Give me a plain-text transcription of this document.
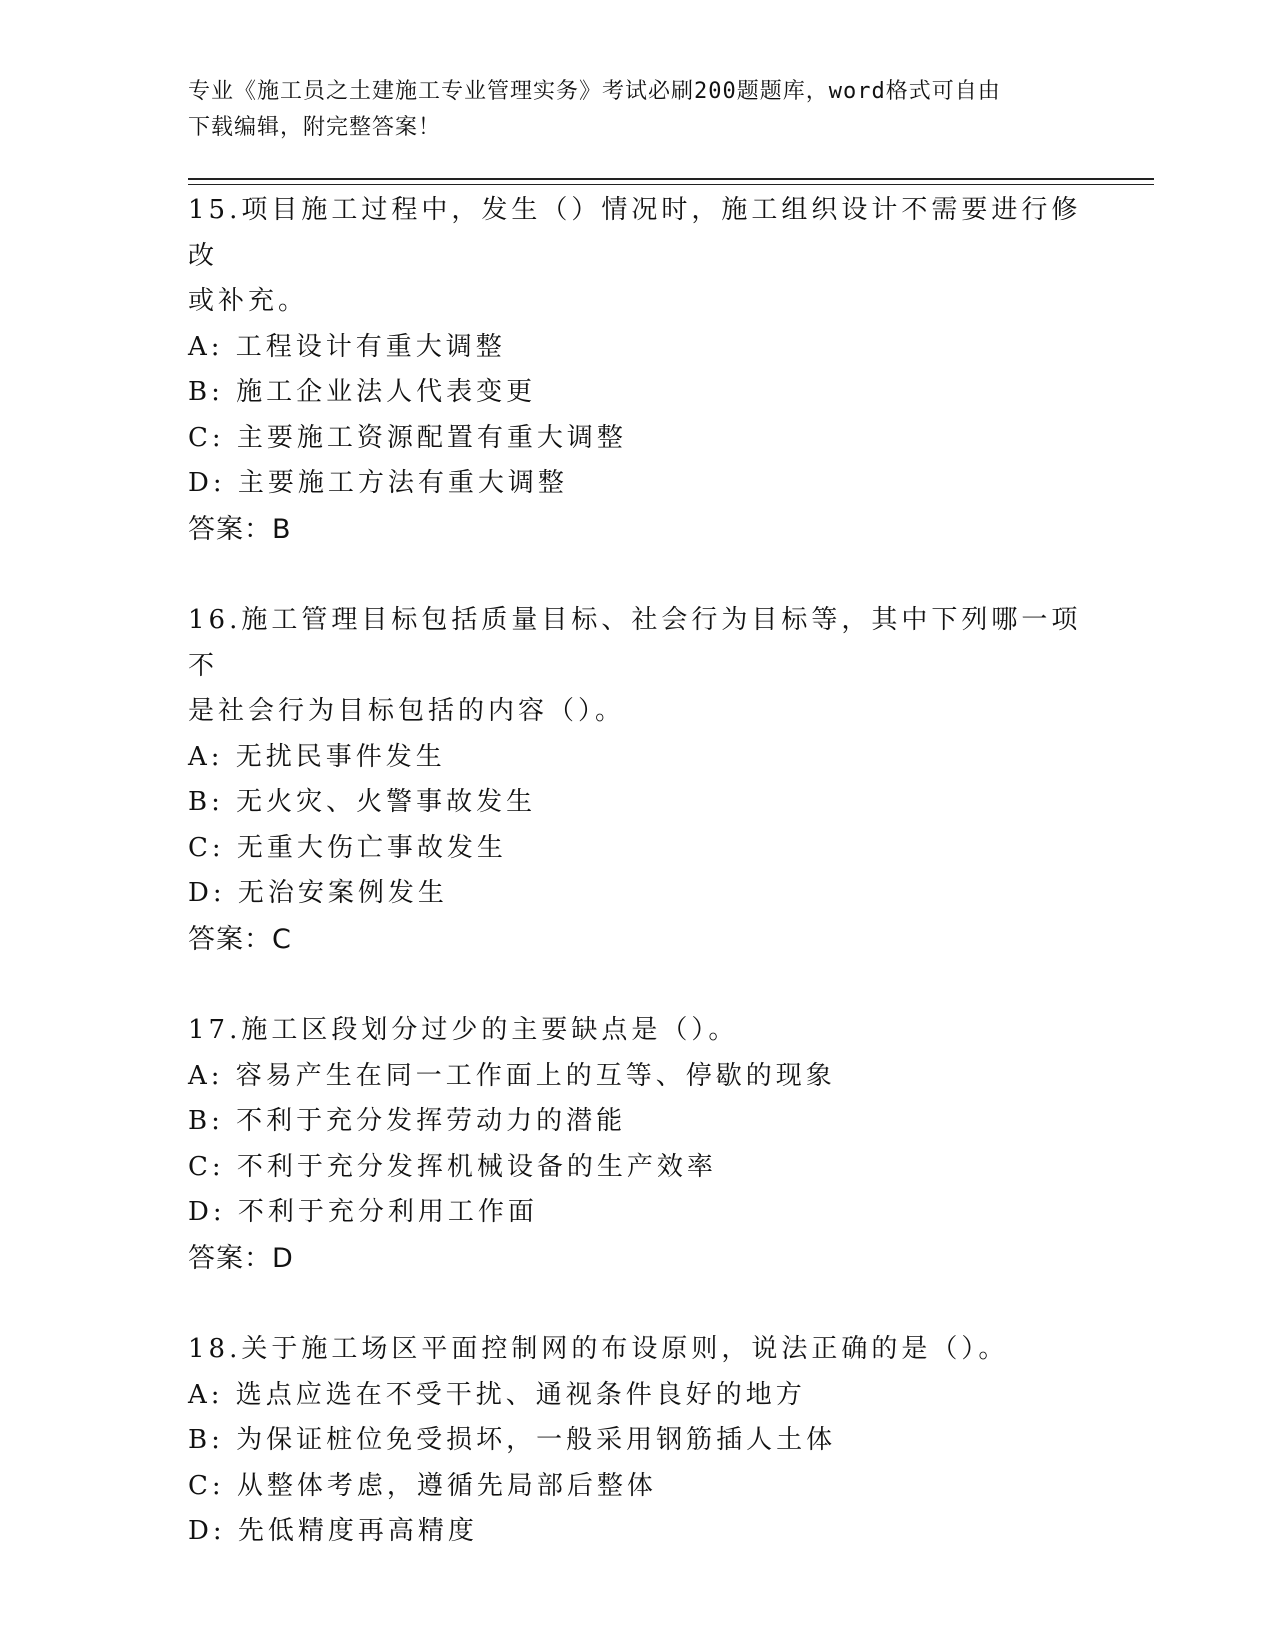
专业《施工员之土建施工专业管理实务》考试必刷200题题库，word格式可自由
下载编辑，附完整答案！
15.项目施工过程中，发生（）情况时，施工组织设计不需要进行修改
或补充。
A: 工程设计有重大调整
B: 施工企业法人代表变更
C: 主要施工资源配置有重大调整
D: 主要施工方法有重大调整
答案：B
16.施工管理目标包括质量目标、社会行为目标等，其中下列哪一项不
是社会行为目标包括的内容（）。
A: 无扰民事件发生
B: 无火灾、火警事故发生
C: 无重大伤亡事故发生
D: 无治安案例发生
答案：C
17.施工区段划分过少的主要缺点是（）。
A: 容易产生在同一工作面上的互等、停歇的现象
B: 不利于充分发挥劳动力的潜能
C: 不利于充分发挥机械设备的生产效率
D: 不利于充分利用工作面
答案：D
18.关于施工场区平面控制网的布设原则，说法正确的是（）。
A: 选点应选在不受干扰、通视条件良好的地方
B: 为保证桩位免受损坏，一般采用钢筋插人土体
C: 从整体考虑，遵循先局部后整体
D: 先低精度再高精度
